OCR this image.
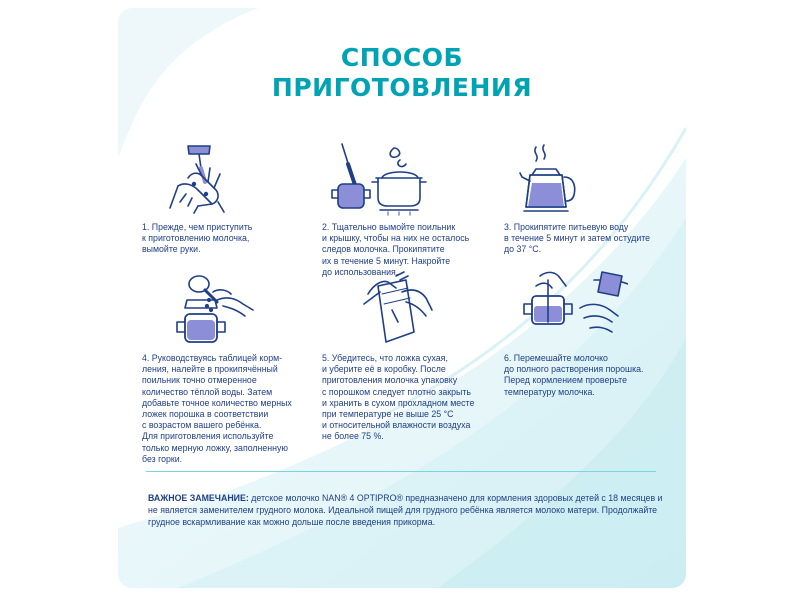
СПОСОБ
ПРИГОТОВЛЕНИЯ
1. Прежде, чем приступить
к приготовлению молочка,
вымойте руки.
2. Тщательно вымойте поильник
и крышку, чтобы на них не осталось
следов молочка. Прокипятите
их в течение 5 минут. Накройте
до использования.
3. Прокипятите питьевую воду
в течение 5 минут и затем остудите
до 37 °С.
4. Руководствуясь таблицей корм-
ления, налейте в прокипячённый
поильник точно отмеренное
количество тёплой воды. Затем
добавьте точное количество мерных
ложек порошка в соответствии
с возрастом вашего ребёнка.
Для приготовления используйте
только мерную ложку, заполненную
без горки.
5. Убедитесь, что ложка сухая,
и уберите её в коробку. После
приготовления молочка упаковку
с порошком следует плотно закрыть
и хранить в сухом прохладном месте
при температуре не выше 25 °С
и относительной влажности воздуха
не более 75 %.
6. Перемешайте молочко
до полного растворения порошка.
Перед кормлением проверьте
температуру молочка.
ВАЖНОЕ ЗАМЕЧАНИЕ: детское молочко NAN® 4 OPTIPRO® предназначено для кормления здоровых детей с 18 месяцев и не является заменителем грудного молока. Идеальной пищей для грудного ребёнка является молоко матери. Продолжайте грудное вскармливание как можно дольше после введения прикорма.
